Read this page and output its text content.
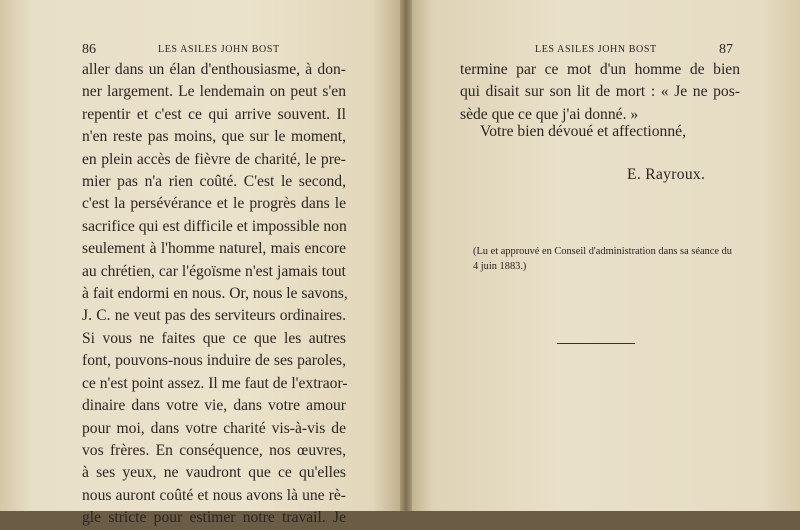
86	LES ASILES JOHN BOST
aller dans un élan d'enthousiasme, à don-
ner largement. Le lendemain on peut s'en
repentir et c'est ce qui arrive souvent. Il
n'en reste pas moins, que sur le moment,
en plein accès de fièvre de charité, le pre-
mier pas n'a rien coûté. C'est le second,
c'est la persévérance et le progrès dans le
sacrifice qui est difficile et impossible non
seulement à l'homme naturel, mais encore
au chrétien, car l'égoïsme n'est jamais tout
à fait endormi en nous. Or, nous le savons,
J. C. ne veut pas des serviteurs ordinaires.
Si vous ne faites que ce que les autres
font, pouvons-nous induire de ses paroles,
ce n'est point assez. Il me faut de l'extraor-
dinaire dans votre vie, dans votre amour
pour moi, dans votre charité vis-à-vis de
vos frères. En conséquence, nos œuvres,
à ses yeux, ne vaudront que ce qu'elles
nous auront coûté et nous avons là une rè-
gle stricte pour estimer notre travail. Je
LES ASILES JOHN BOST	87
termine par ce mot d'un homme de bien
qui disait sur son lit de mort : « Je ne pos-
sède que ce que j'ai donné. »
Votre bien dévoué et affectionné,
E. Rayroux.
(Lu et approuvé en Conseil d'administration dans sa séance du 4 juin 1883.)
